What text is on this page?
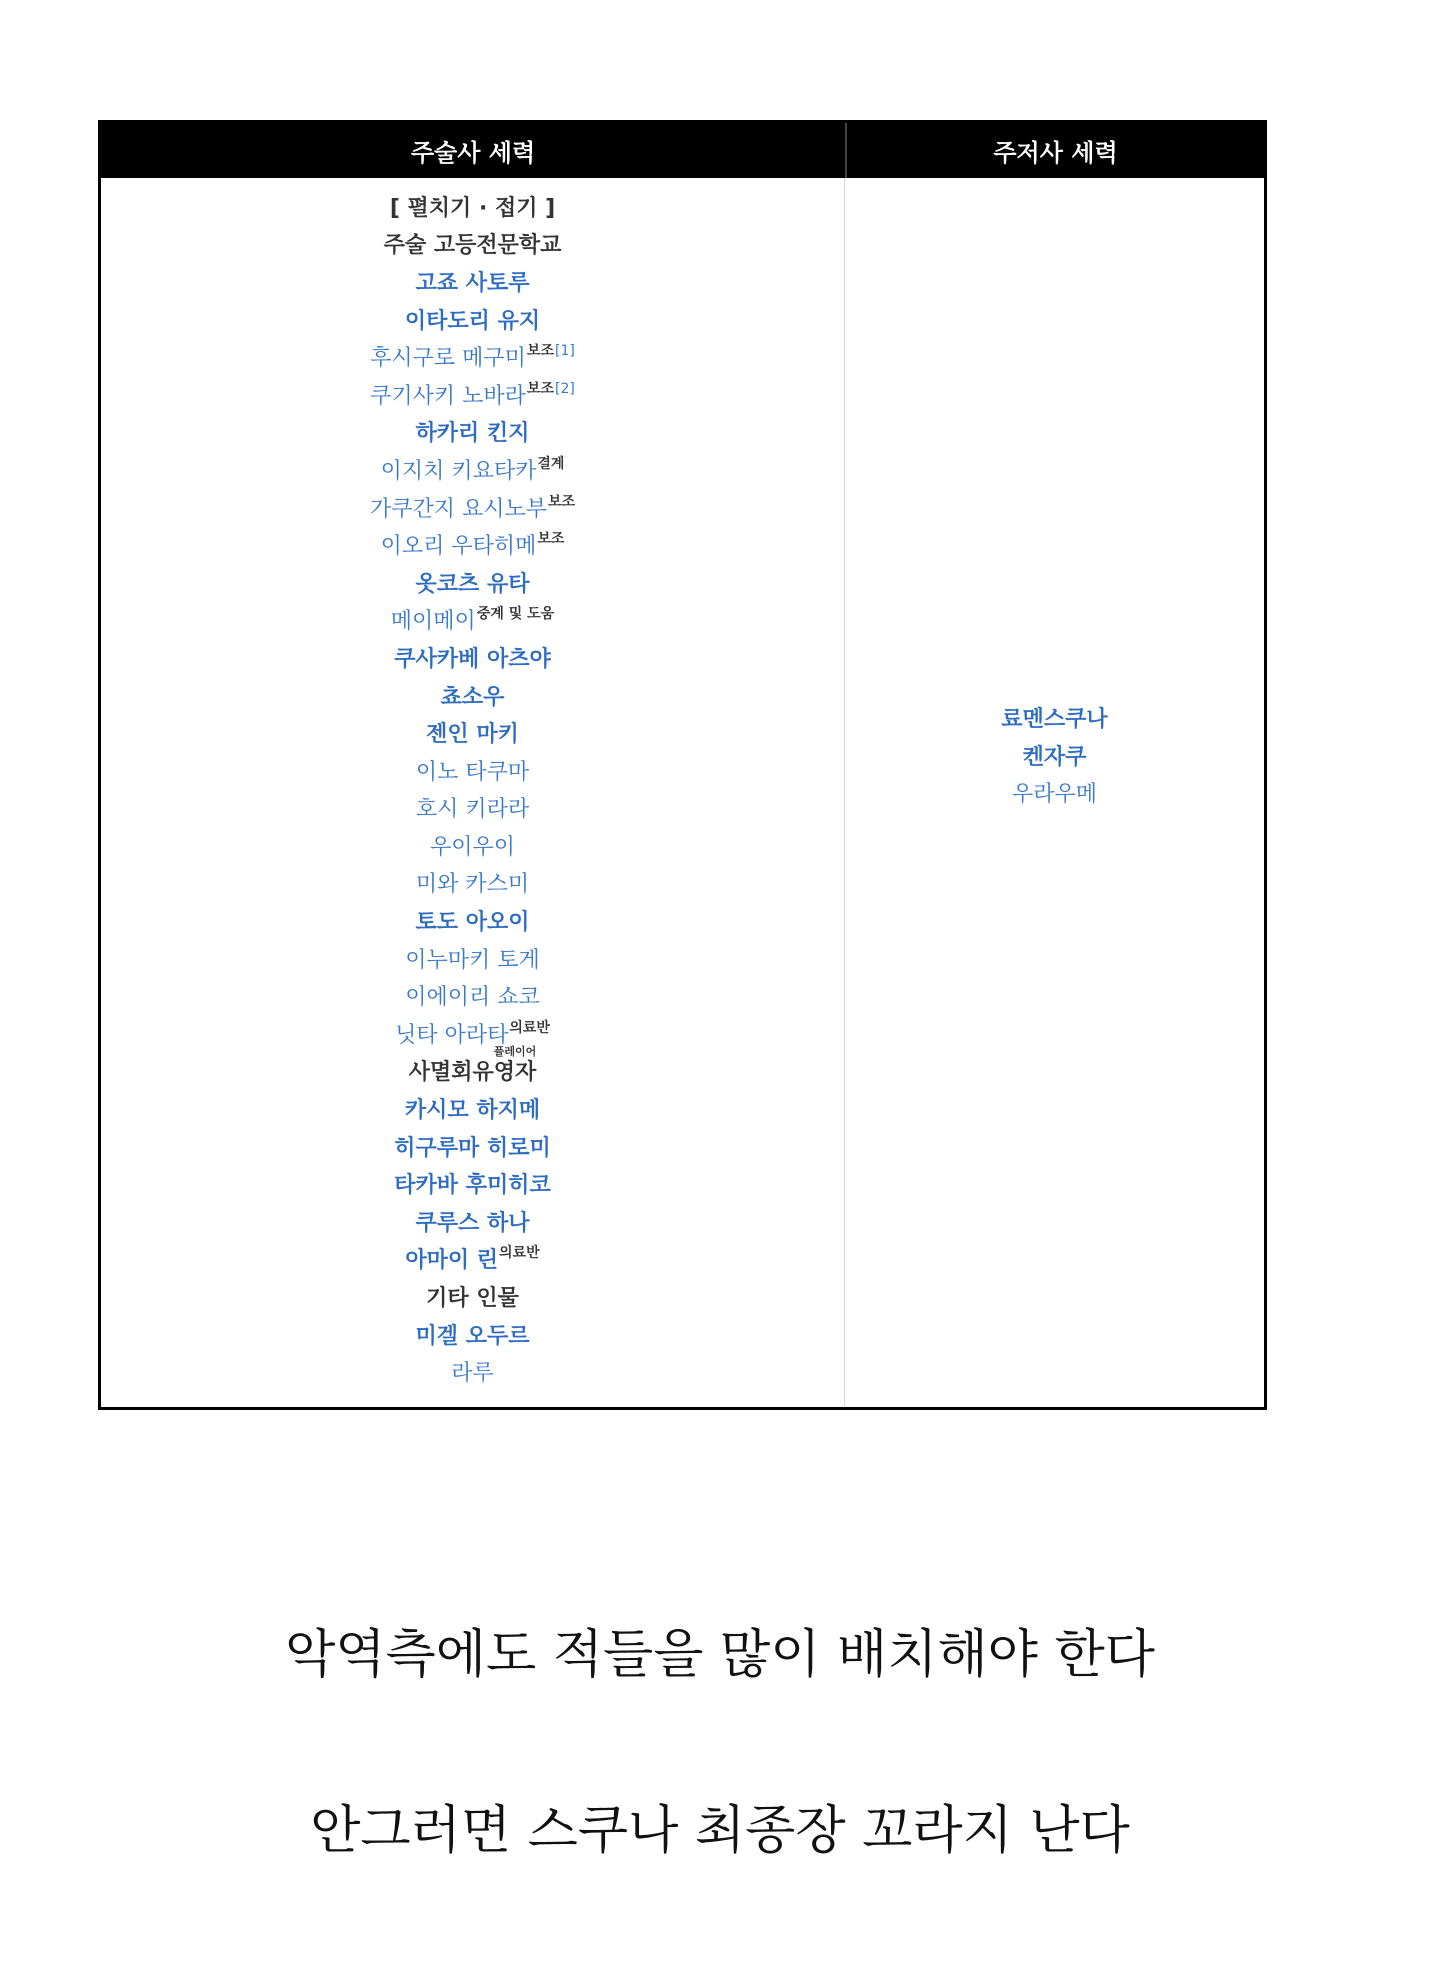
주술사 세력	주저사 세력
[ 펼치기 · 접기 ]
주술 고등전문학교
고죠 사토루
이타도리 유지
후시구로 메구미$^{보조[1]}$
쿠기사키 노바라$^{보조[2]}$
하카리 킨지
이지치 키요타카$^{결계}$
가쿠간지 요시노부$^{보조}$
이오리 우타히메$^{보조}$
옷코츠 유타
메이메이$^{중계 및 도움}$
쿠사카베 아츠야
쵸소우
젠인 마키
이노 타쿠마
호시 키라라
우이우이
미와 카스미
토도 아오이
이누마키 토게
이에이리 쇼코
닛타 아라타$^{의료반}$
사멸회유
플레이어
영자
카시모 하지메
히구루마 히로미
타카바 후미히코
쿠루스 하나
아마이 린$^{의료반}$
기타 인물
미겔 오두르
라루
료멘스쿠나
켄자쿠
우라우메
악역측에도 적들을 많이 배치해야 한다
안그러면 스쿠나 최종장 꼬라지 난다
